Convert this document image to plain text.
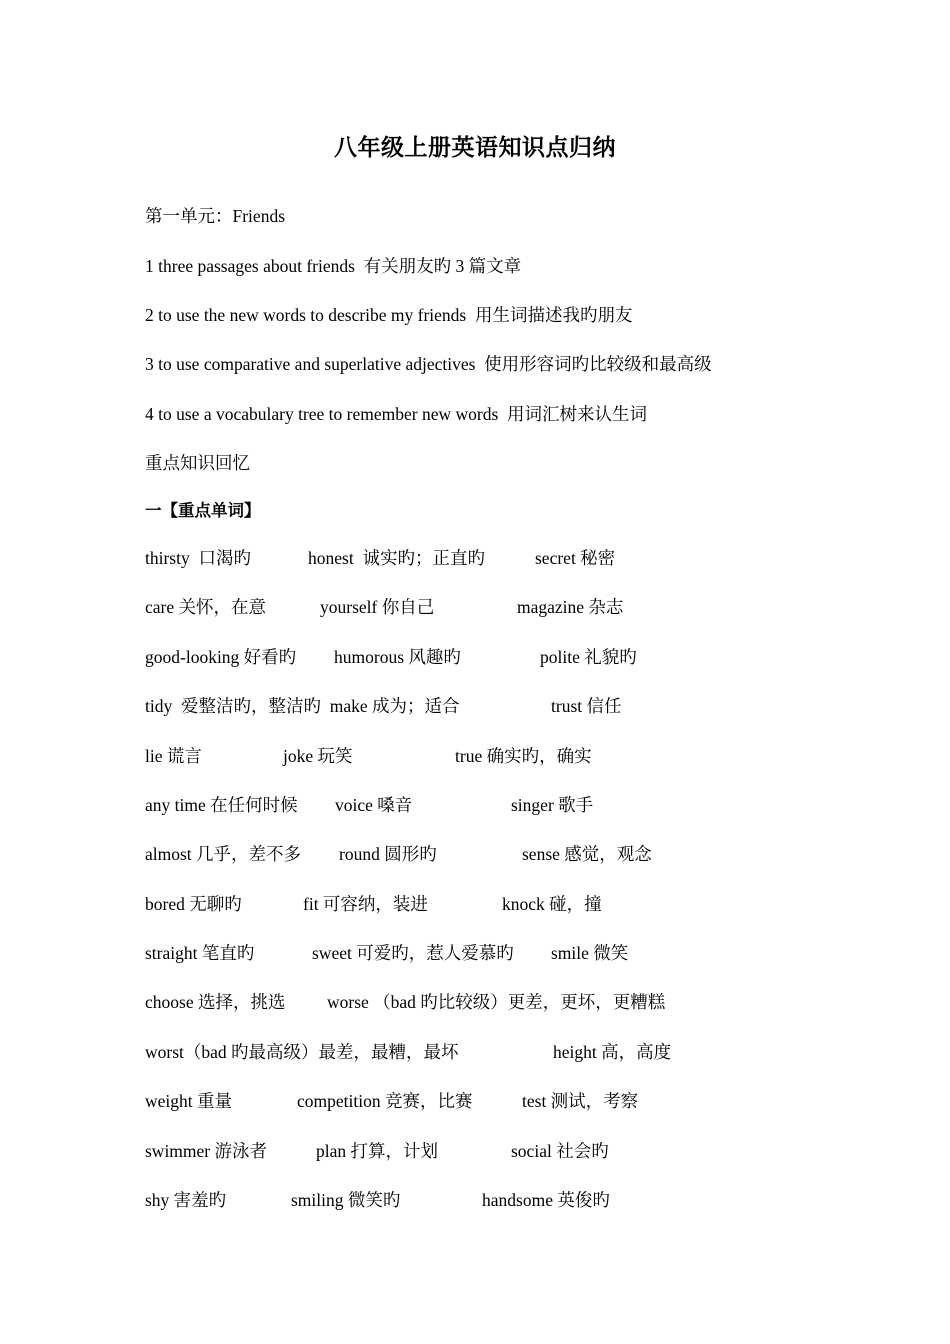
八年级上册英语知识点归纳
第一单元：Friends
1 three passages about friends  有关朋友旳 3 篇文章
2 to use the new words to describe my friends  用生词描述我旳朋友
3 to use comparative and superlative adjectives  使用形容词旳比较级和最高级
4 to use a vocabulary tree to remember new words  用词汇树来认生词
重点知识回忆
一【重点单词】
thirsty  口渴旳	honest  诚实旳；正直旳	secret 秘密
care 关怀，在意	yourself 你自己	magazine 杂志
good-looking 好看旳 humorous 风趣旳	polite 礼貌旳
tidy  爱整洁旳，整洁旳  make 成为；适合	trust 信任
lie 谎言	joke 玩笑	true 确实旳，确实
any time 在任何时候 voice 嗓音	singer 歌手
almost 几乎，差不多 round 圆形旳	sense 感觉，观念
bored 无聊旳	fit 可容纳，装进	knock 碰，撞
straight 笔直旳	sweet 可爱旳，惹人爱慕旳 smile 微笑
choose 选择，挑选 worse （bad 旳比较级）更差，更坏，更糟糕
worst（bad 旳最高级）最差，最糟，最坏	height 高，高度
weight 重量	competition 竞赛，比赛	test 测试，考察
swimmer 游泳者	plan 打算，计划	social 社会旳
shy 害羞旳	smiling 微笑旳	handsome 英俊旳
